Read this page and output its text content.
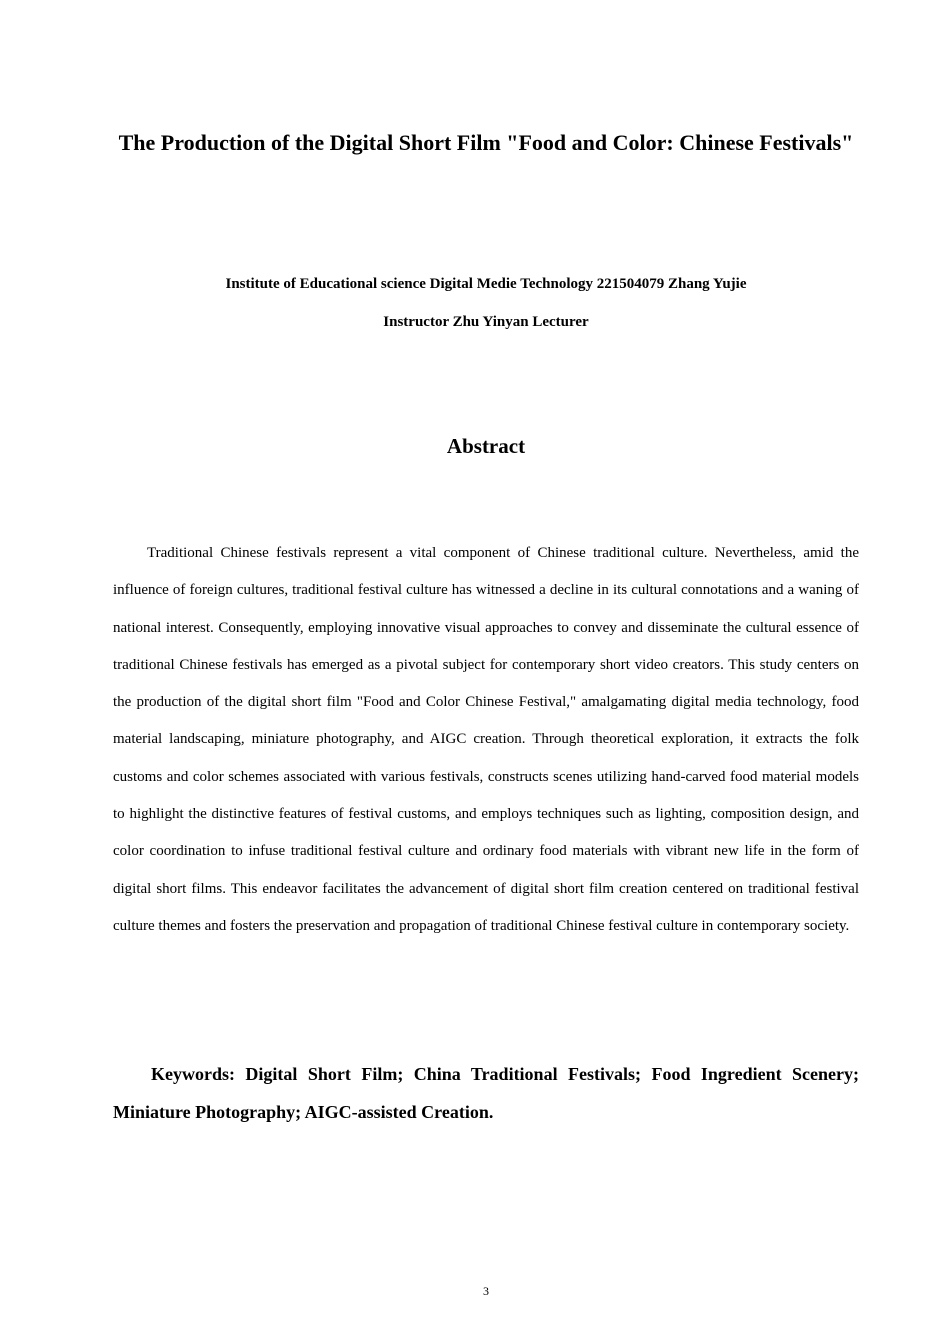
The Production of the Digital Short Film "Food and Color: Chinese Festivals"

Institute of Educational science Digital Medie Technology 221504079 Zhang Yujie

Instructor Zhu Yinyan Lecturer

Abstract

Traditional Chinese festivals represent a vital component of Chinese traditional culture. Nevertheless, amid the influence of foreign cultures, traditional festival culture has witnessed a decline in its cultural connotations and a waning of national interest. Consequently, employing innovative visual approaches to convey and disseminate the cultural essence of traditional Chinese festivals has emerged as a pivotal subject for contemporary short video creators. This study centers on the production of the digital short film "Food and Color Chinese Festival," amalgamating digital media technology, food material landscaping, miniature photography, and AIGC creation. Through theoretical exploration, it extracts the folk customs and color schemes associated with various festivals, constructs scenes utilizing hand-carved food material models to highlight the distinctive features of festival customs, and employs techniques such as lighting, composition design, and color coordination to infuse traditional festival culture and ordinary food materials with vibrant new life in the form of digital short films. This endeavor facilitates the advancement of digital short film creation centered on traditional festival culture themes and fosters the preservation and propagation of traditional Chinese festival culture in contemporary society.

Keywords: Digital Short Film; China Traditional Festivals; Food Ingredient Scenery; Miniature Photography; AIGC-assisted Creation.

3
